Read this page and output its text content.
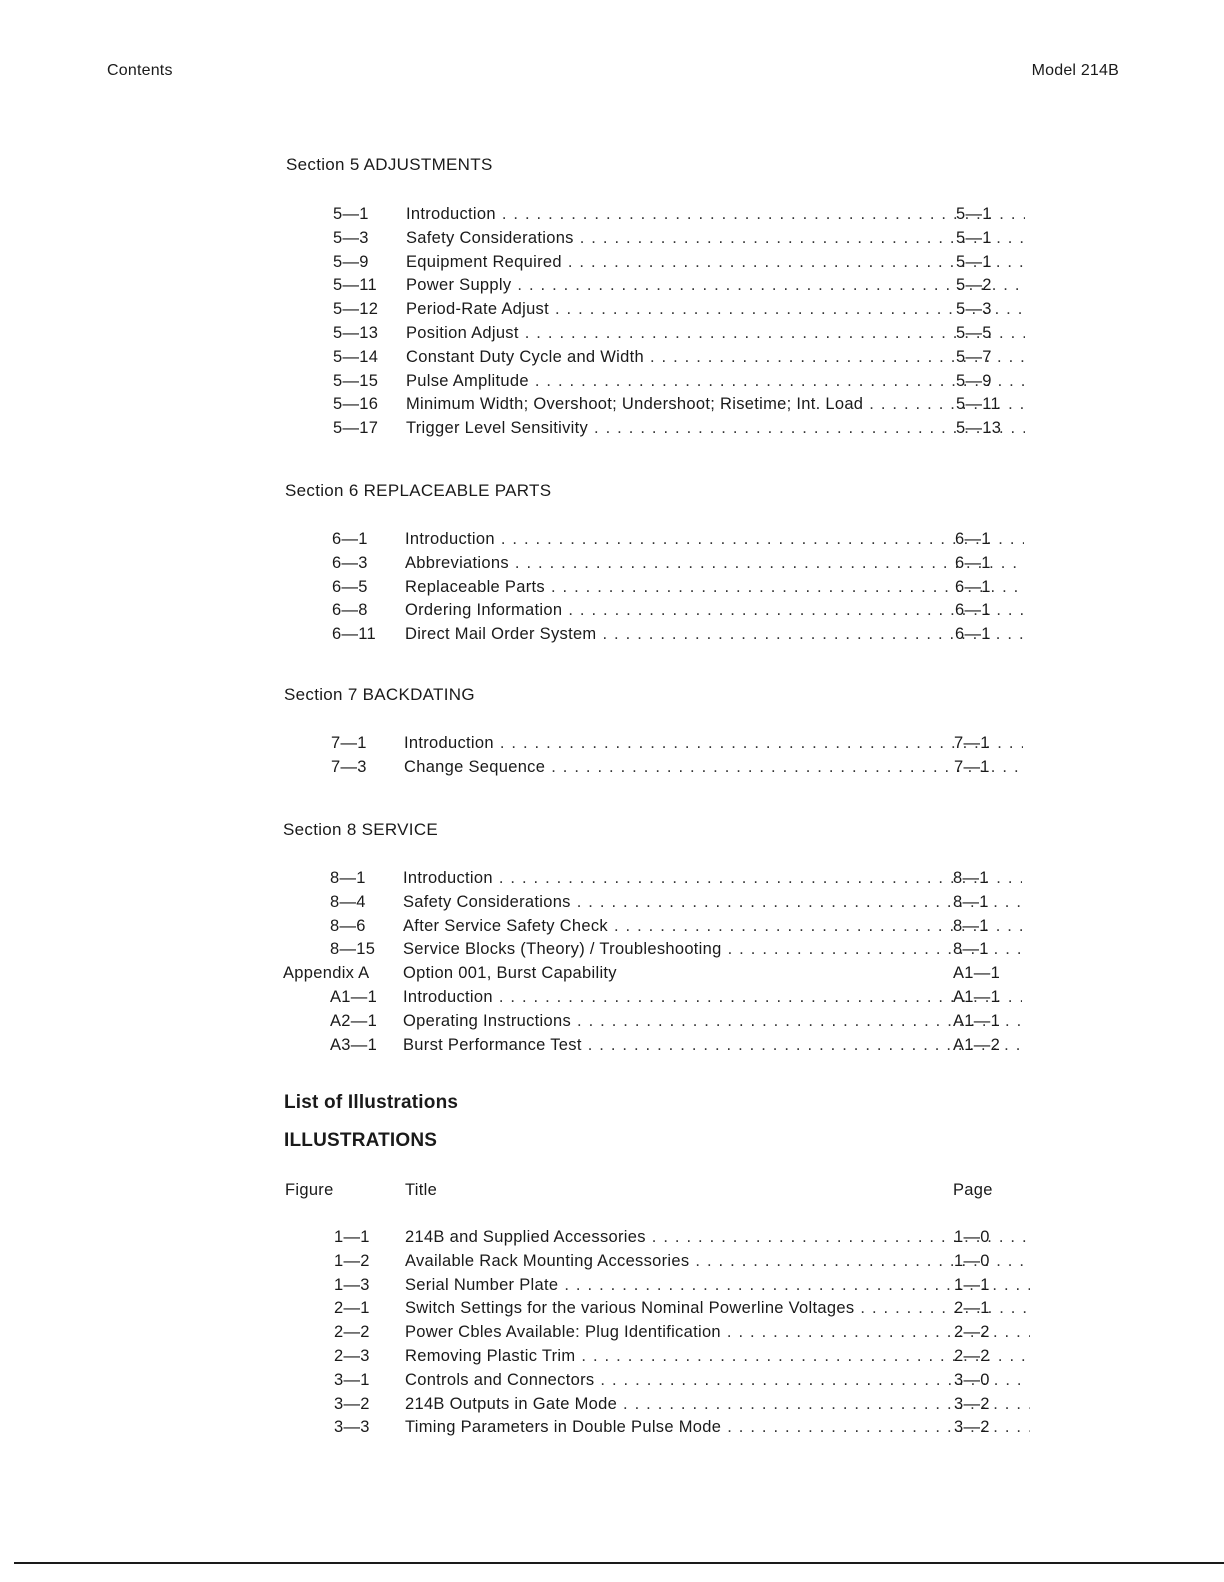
Contents	Model 214B
Section 5 ADJUSTMENTS
5—1	Introduction . . .	5—1
5—3	Safety Considerations . . .	5—1
5—9	Equipment Required . . .	5—1
5—11	Power Supply . . .	5—2
5—12	Period-Rate Adjust . . .	5—3
5—13	Position Adjust . . .	5—5
5—14	Constant Duty Cycle and Width . . .	5—7
5—15	Pulse Amplitude . . .	5—9
5—16	Minimum Width; Overshoot; Undershoot; Risetime; Int. Load . . .	5—11
5—17	Trigger Level Sensitivity . . .	5—13
Section 6 REPLACEABLE PARTS
6—1	Introduction . . .	6—1
6—3	Abbreviations . . .	6—1
6—5	Replaceable Parts . . .	6—1
6—8	Ordering Information . . .	6—1
6—11	Direct Mail Order System . . .	6—1
Section 7 BACKDATING
7—1	Introduction . . .	7—1
7—3	Change Sequence . . .	7—1
Section 8 SERVICE
8—1	Introduction . . .	8—1
8—4	Safety Considerations . . .	8—1
8—6	After Service Safety Check . . .	8—1
8—15	Service Blocks (Theory) / Troubleshooting . . .	8—1
Appendix A	Option 001, Burst Capability	A1—1
A1—1	Introduction . . .	A1—1
A2—1	Operating Instructions . . .	A1—1
A3—1	Burst Performance Test . . .	A1—2
List of Illustrations
ILLUSTRATIONS
Figure	Title	Page
1—1	214B and Supplied Accessories . . .	1—0
1—2	Available Rack Mounting Accessories . . .	1—0
1—3	Serial Number Plate . . .	1—1
2—1	Switch Settings for the various Nominal Powerline Voltages . . .	2—1
2—2	Power Cbles Available: Plug Identification . . .	2—2
2—3	Removing Plastic Trim . . .	2—2
3—1	Controls and Connectors . . .	3—0
3—2	214B Outputs in Gate Mode . . .	3—2
3—3	Timing Parameters in Double Pulse Mode . . .	3—2
